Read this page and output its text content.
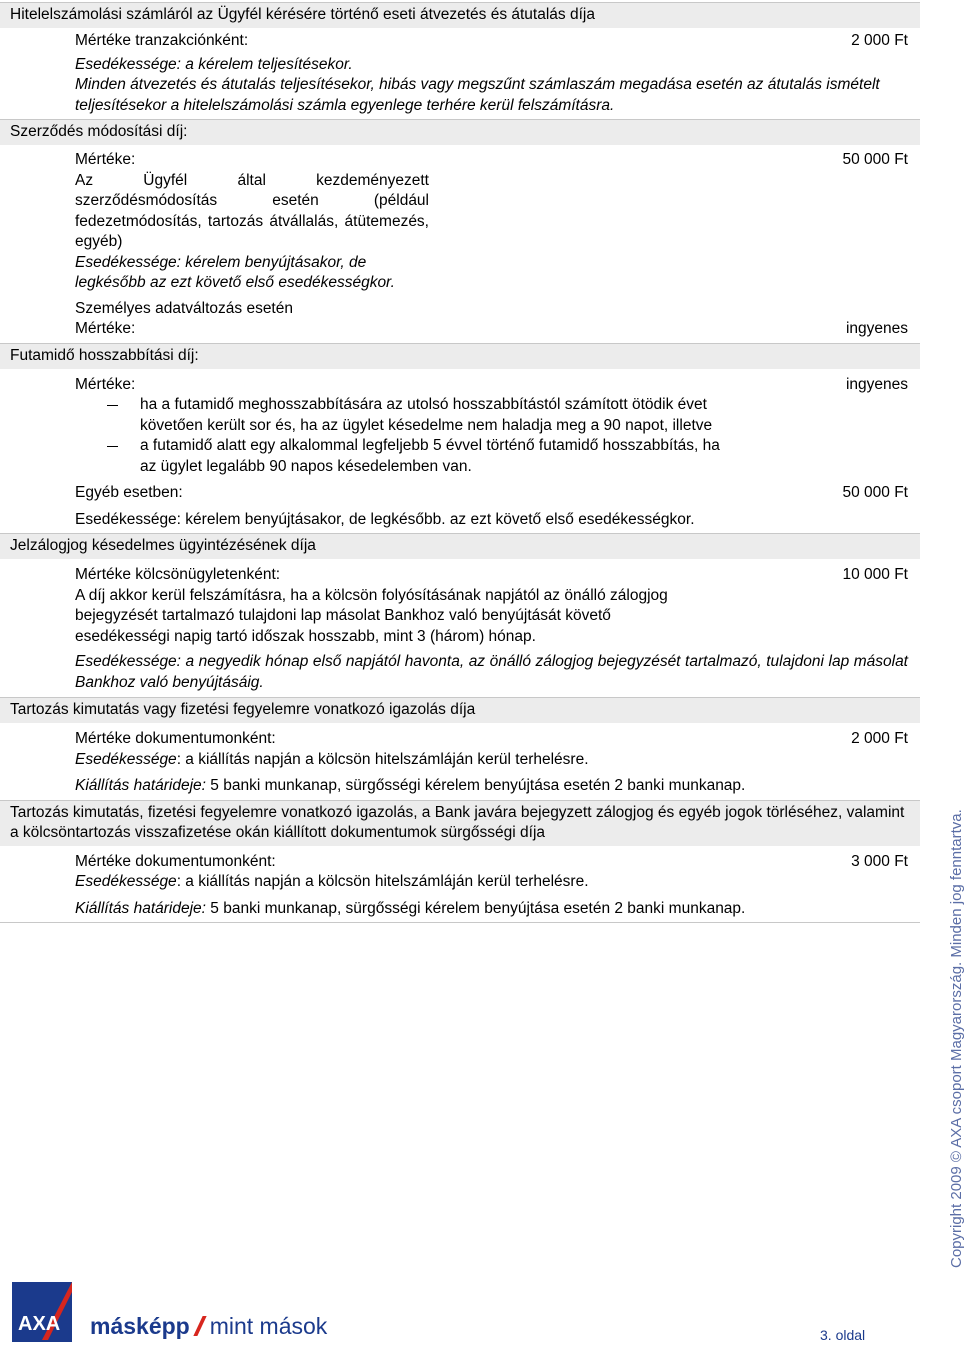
Hitelelszámolási számláról az Ügyfél kérésére történő eseti átvezetés és átutalás díja
Mértéke tranzakciónként:	2 000 Ft
Esedékessége: a kérelem teljesítésekor.
Minden átvezetés és átutalás teljesítésekor, hibás vagy megszűnt számlaszám megadása esetén az átutalás ismételt teljesítésekor a hitelelszámolási számla egyenlege terhére kerül felszámításra.
Szerződés módosítási díj:
Mértéke:	50 000 Ft
Az Ügyfél által kezdeményezett szerződésmódosítás esetén (például fedezetmódosítás, tartozás átvállalás, átütemezés, egyéb)
Esedékessége: kérelem benyújtásakor, de legkésőbb az ezt követő első esedékességkor.
Személyes adatváltozás esetén
Mértéke:	ingyenes
Futamidő hosszabbítási díj:
Mértéke:	ingyenes
ha a futamidő meghosszabbítására az utolsó hosszabbítástól számított ötödik évet követően került sor és, ha az ügylet késedelme nem haladja meg a 90 napot, illetve
a futamidő alatt egy alkalommal legfeljebb 5 évvel történő futamidő hosszabbítás, ha az ügylet legalább 90 napos késedelemben van.
Egyéb esetben:	50 000 Ft
Esedékessége: kérelem benyújtásakor, de legkésőbb. az ezt követő első esedékességkor.
Jelzálogjog késedelmes ügyintézésének díja
Mértéke kölcsönügyletenként:	10 000 Ft
A díj akkor kerül felszámításra, ha a kölcsön folyósításának napjától az önálló zálogjog bejegyzését tartalmazó tulajdoni lap másolat Bankhoz való benyújtását követő esedékességi napig tartó időszak hosszabb, mint 3 (három) hónap.
Esedékessége: a negyedik hónap első napjától havonta, az önálló zálogjog bejegyzését tartalmazó, tulajdoni lap másolat Bankhoz való benyújtásáig.
Tartozás kimutatás vagy fizetési fegyelemre vonatkozó igazolás díja
Mértéke dokumentumonként:	2 000 Ft
Esedékessége: a kiállítás napján a kölcsön hitelszámláján kerül terhelésre.
Kiállítás határideje: 5 banki munkanap, sürgősségi kérelem benyújtása esetén 2 banki munkanap.
Tartozás kimutatás, fizetési fegyelemre vonatkozó igazolás, a Bank javára bejegyzett zálogjog és egyéb jogok törléséhez, valamint a kölcsöntartozás visszafizetése okán kiállított dokumentumok sürgősségi díja
Mértéke dokumentumonként:	3 000 Ft
Esedékessége: a kiállítás napján a kölcsön hitelszámláján kerül terhelésre.
Kiállítás határideje: 5 banki munkanap, sürgősségi kérelem benyújtása esetén 2 banki munkanap.	Copyright 2009 © AXA csoport Magyarország. Minden jog fenntartva.
AXA másképp mint mások	3. oldal
